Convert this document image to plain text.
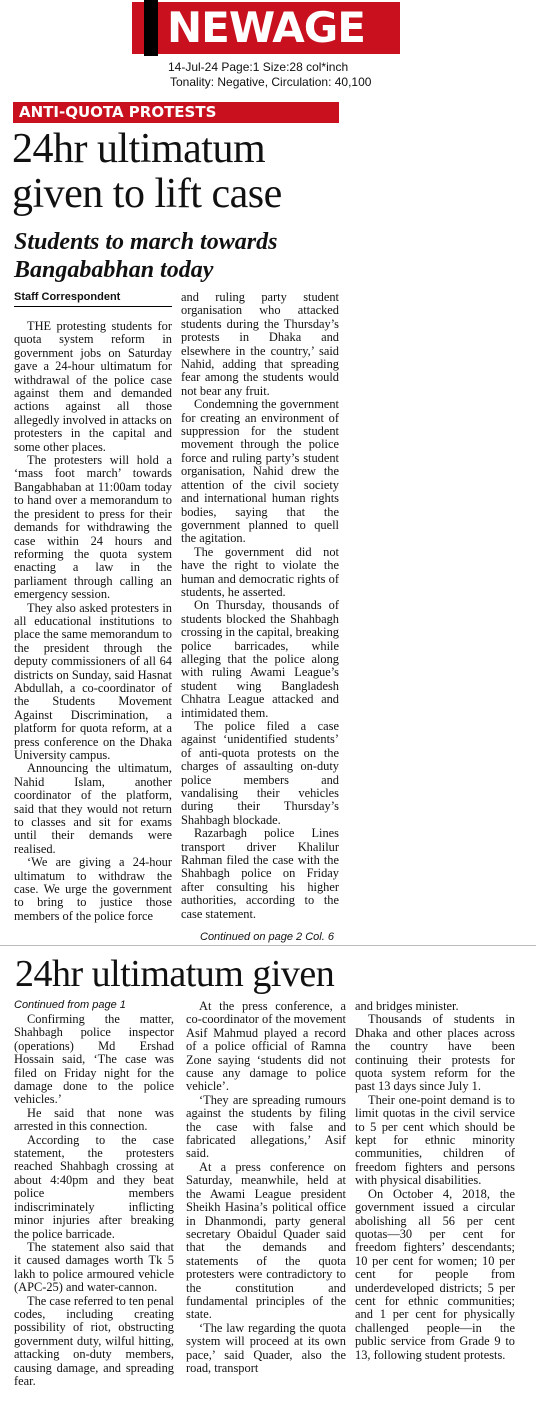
NEWAGE
14-Jul-24 Page:1 Size:28 col*inch
Tonality: Negative, Circulation: 40,100
ANTI-QUOTA PROTESTS
24hr ultimatum given to lift case
Students to march towards Bangababhan today
Staff Correspondent

THE protesting students for quota system reform in government jobs on Saturday gave a 24-hour ultimatum for withdrawal of the police case against them and demanded actions against all those allegedly involved in attacks on protesters in the capital and some other places.

The protesters will hold a ‘mass foot march’ towards Bangabhaban at 11:00am today to hand over a memorandum to the president to press for their demands for withdrawing the case within 24 hours and reforming the quota system enacting a law in the parliament through calling an emergency session.

They also asked protesters in all educational institutions to place the same memorandum to the president through the deputy commissioners of all 64 districts on Sunday, said Hasnat Abdullah, a co-coordinator of the Students Movement Against Discrimination, a platform for quota reform, at a press conference on the Dhaka University campus.

Announcing the ultimatum, Nahid Islam, another coordinator of the platform, said that they would not return to classes and sit for exams until their demands were realised.

‘We are giving a 24-hour ultimatum to withdraw the case. We urge the government to bring to justice those members of the police force

and ruling party student organisation who attacked students during the Thursday’s protests in Dhaka and elsewhere in the country,’ said Nahid, adding that spreading fear among the students would not bear any fruit.

Condemning the government for creating an environment of suppression for the student movement through the police force and ruling party’s student organisation, Nahid drew the attention of the civil society and international human rights bodies, saying that the government planned to quell the agitation.

The government did not have the right to violate the human and democratic rights of students, he asserted.

On Thursday, thousands of students blocked the Shahbagh crossing in the capital, breaking police barricades, while alleging that the police along with ruling Awami League’s student wing Bangladesh Chhatra League attacked and intimidated them.

The police filed a case against ‘unidentified students’ of anti-quota protests on the charges of assaulting on-duty police members and vandalising their vehicles during their Thursday’s Shahbagh blockade.

Razarbagh police Lines transport driver Khalilur Rahman filed the case with the Shahbagh police on Friday after consulting his higher authorities, according to the case statement.

Continued on page 2 Col. 6
24hr ultimatum given
Continued from page 1

Confirming the matter, Shahbagh police inspector (operations) Md Ershad Hossain said, ‘The case was filed on Friday night for the damage done to the police vehicles.’

He said that none was arrested in this connection.

According to the case statement, the protesters reached Shahbagh crossing at about 4:40pm and they beat police members indiscriminately inflicting minor injuries after breaking the police barricade.

The statement also said that it caused damages worth Tk 5 lakh to police armoured vehicle (APC-25) and water-cannon.

The case referred to ten penal codes, including creating possibility of riot, obstructing government duty, wilful hitting, attacking on-duty members, causing damage, and spreading fear.

At the press conference, a co-coordinator of the movement Asif Mahmud played a record of a police official of Ramna Zone saying ‘students did not cause any damage to police vehicle’.

‘They are spreading rumours against the students by filing the case with false and fabricated allegations,’ Asif said.

At a press conference on Saturday, meanwhile, held at the Awami League president Sheikh Hasina’s political office in Dhanmondi, party general secretary Obaidul Quader said that the demands and statements of the quota protesters were contradictory to the constitution and fundamental principles of the state.

‘The law regarding the quota system will proceed at its own pace,’ said Quader, also the road, transport

and bridges minister.

Thousands of students in Dhaka and other places across the country have been continuing their protests for quota system reform for the past 13 days since July 1.

Their one-point demand is to limit quotas in the civil service to 5 per cent which should be kept for ethnic minority communities, children of freedom fighters and persons with physical disabilities.

On October 4, 2018, the government issued a circular abolishing all 56 per cent quotas—30 per cent for freedom fighters’ descendants; 10 per cent for women; 10 per cent for people from underdeveloped districts; 5 per cent for ethnic communities; and 1 per cent for physically challenged people—in the public service from Grade 9 to 13, following student protests.
